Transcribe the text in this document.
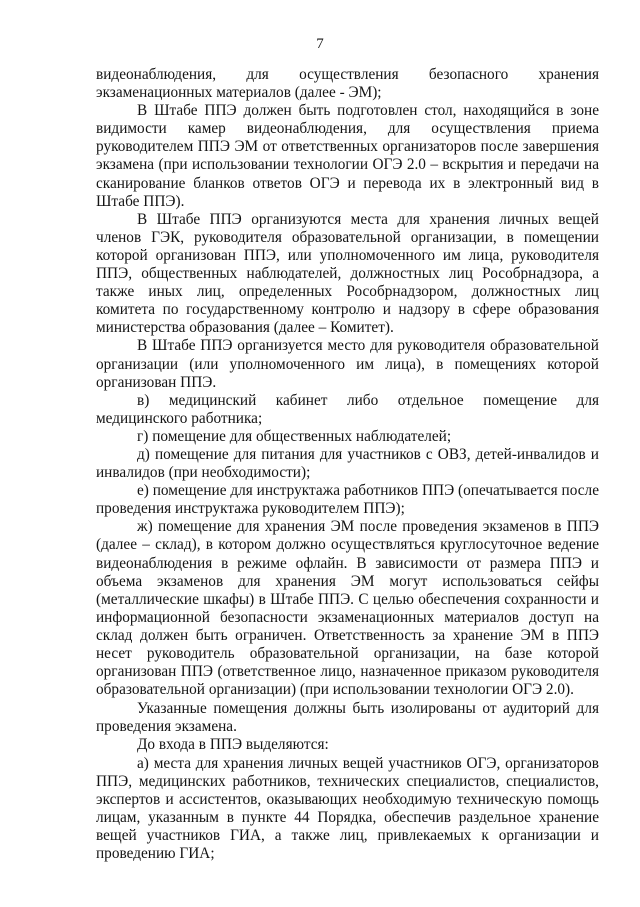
7

видеонаблюдения, для осуществления безопасного хранения экзаменационных материалов (далее - ЭМ);

В Штабе ППЭ должен быть подготовлен стол, находящийся в зоне видимости камер видеонаблюдения, для осуществления приема руководителем ППЭ ЭМ от ответственных организаторов после завершения экзамена (при использовании технологии ОГЭ 2.0 – вскрытия и передачи на сканирование бланков ответов ОГЭ и перевода их в электронный вид в Штабе ППЭ).

В Штабе ППЭ организуются места для хранения личных вещей членов ГЭК, руководителя образовательной организации, в помещении которой организован ППЭ, или уполномоченного им лица, руководителя ППЭ, общественных наблюдателей, должностных лиц Рособрнадзора, а также иных лиц, определенных Рособрнадзором, должностных лиц комитета по государственному контролю и надзору в сфере образования министерства образования (далее – Комитет).

В Штабе ППЭ организуется место для руководителя образовательной организации (или уполномоченного им лица), в помещениях которой организован ППЭ.

в) медицинский кабинет либо отдельное помещение для медицинского работника;

г) помещение для общественных наблюдателей;

д) помещение для питания для участников с ОВЗ, детей-инвалидов и инвалидов (при необходимости);

е) помещение для инструктажа работников ППЭ (опечатывается после проведения инструктажа руководителем ППЭ);

ж) помещение для хранения ЭМ после проведения экзаменов в ППЭ (далее – склад), в котором должно осуществляться круглосуточное ведение видеонаблюдения в режиме офлайн. В зависимости от размера ППЭ и объема экзаменов для хранения ЭМ могут использоваться сейфы (металлические шкафы) в Штабе ППЭ. С целью обеспечения сохранности и информационной безопасности экзаменационных материалов доступ на склад должен быть ограничен. Ответственность за хранение ЭМ в ППЭ несет руководитель образовательной организации, на базе которой организован ППЭ (ответственное лицо, назначенное приказом руководителя образовательной организации) (при использовании технологии ОГЭ 2.0).

Указанные помещения должны быть изолированы от аудиторий для проведения экзамена.

До входа в ППЭ выделяются:

а) места для хранения личных вещей участников ОГЭ, организаторов ППЭ, медицинских работников, технических специалистов, специалистов, экспертов и ассистентов, оказывающих необходимую техническую помощь лицам, указанным в пункте 44 Порядка, обеспечив раздельное хранение вещей участников ГИА, а также лиц, привлекаемых к организации и проведению ГИА;
